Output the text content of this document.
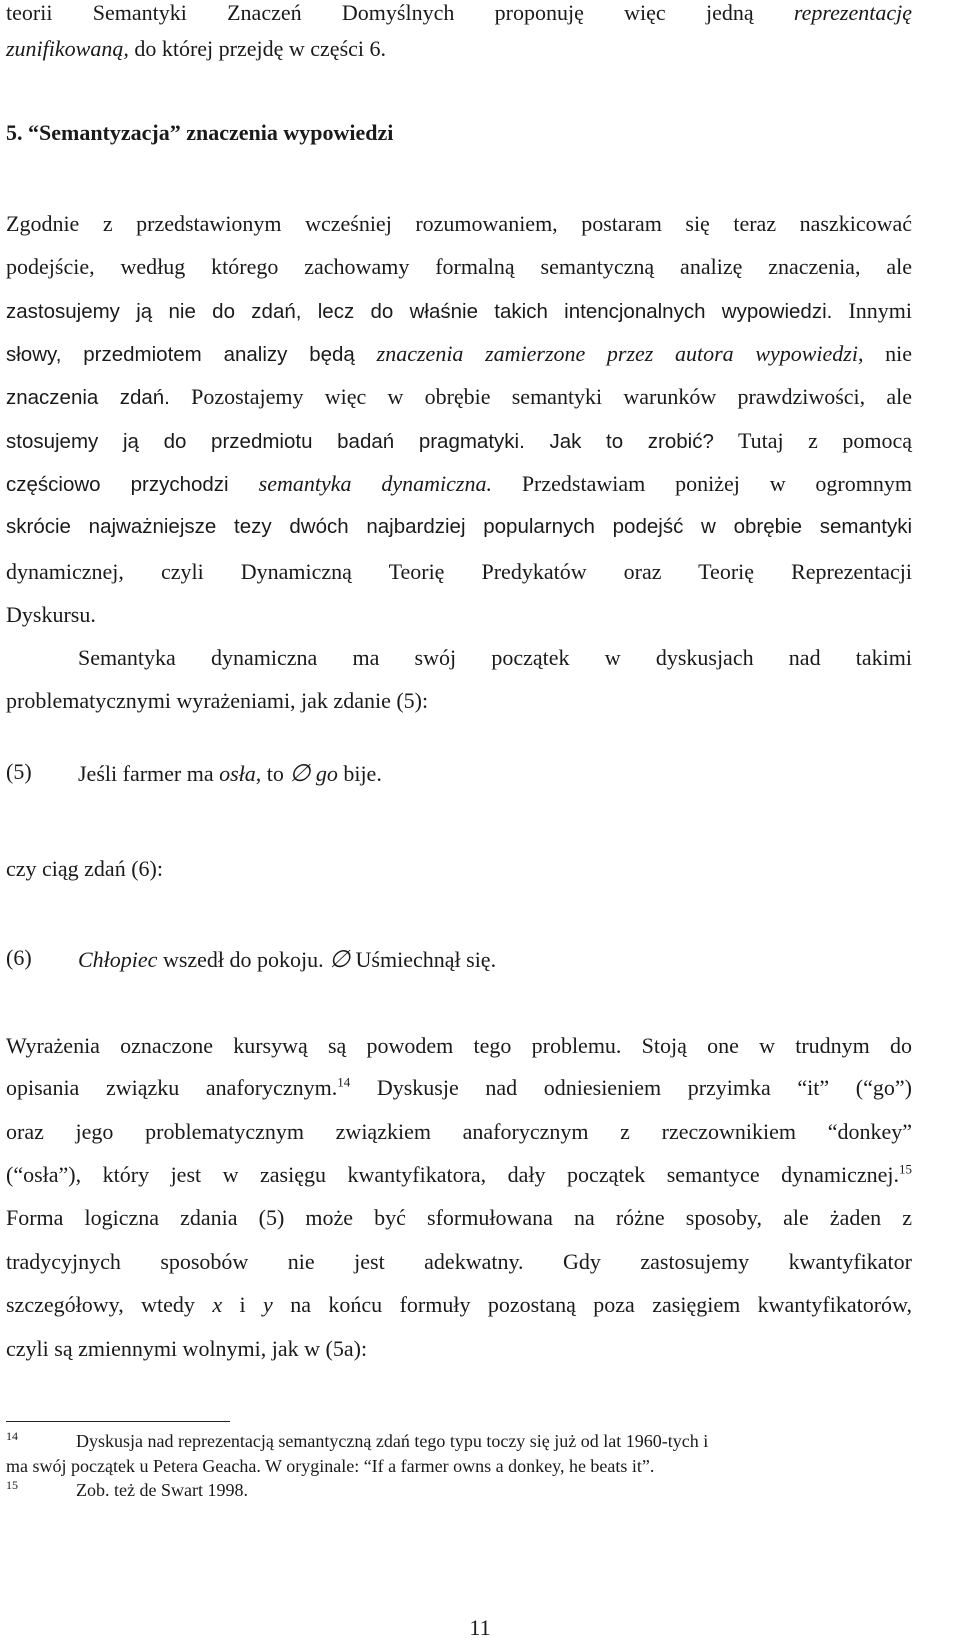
teorii Semantyki Znaczeń Domyślnych proponuję więc jedną reprezentację
zunifikowaną, do której przejdę w części 6.
5. “Semantyzacja” znaczenia wypowiedzi
Zgodnie z przedstawionym wcześniej rozumowaniem, postaram się teraz naszkicować
podejście, według którego zachowamy formalną semantyczną analizę znaczenia, ale
zastosujemy ją nie do zdań, lecz do właśnie takich intencjonalnych wypowiedzi. Innymi
słowy, przedmiotem analizy będą znaczenia zamierzone przez autora wypowiedzi, nie
znaczenia zdań. Pozostajemy więc w obrębie semantyki warunków prawdziwości, ale
stosujemy ją do przedmiotu badań pragmatyki. Jak to zrobić? Tutaj z pomocą
częściowo przychodzi semantyka dynamiczna. Przedstawiam poniżej w ogromnym
skrócie najważniejsze tezy dwóch najbardziej popularnych podejść w obrębie semantyki
dynamicznej, czyli Dynamiczną Teorię Predykatów oraz Teorię Reprezentacji
Dyskursu.
Semantyka dynamiczna ma swój początek w dyskusjach nad takimi
problematycznymi wyrażeniami, jak zdanie (5):
(5) Jeśli farmer ma osła, to ∅ go bije.
czy ciąg zdań (6):
(6) Chłopiec wszedł do pokoju. ∅ Uśmiechnął się.
Wyrażenia oznaczone kursywą są powodem tego problemu. Stoją one w trudnym do
opisania związku anaforycznym.$^{14}$ Dyskusje nad odniesieniem przyimka “it” (“go”)
oraz jego problematycznym związkiem anaforycznym z rzeczownikiem “donkey”
(“osła”), który jest w zasięgu kwantyfikatora, dały początek semantyce dynamicznej.$^{15}$
Forma logiczna zdania (5) może być sformułowana na różne sposoby, ale żaden z
tradycyjnych sposobów nie jest adekwatny. Gdy zastosujemy kwantyfikator
szczegółowy, wtedy x i y na końcu formuły pozostaną poza zasięgiem kwantyfikatorów,
czyli są zmiennymi wolnymi, jak w (5a):
$^{14}$	Dyskusja nad reprezentacją semantyczną zdań tego typu toczy się już od lat 1960-tych i
ma swój początek u Petera Geacha. W oryginale: “If a farmer owns a donkey, he beats it”.
$^{15}$	Zob. też de Swart 1998.
11
